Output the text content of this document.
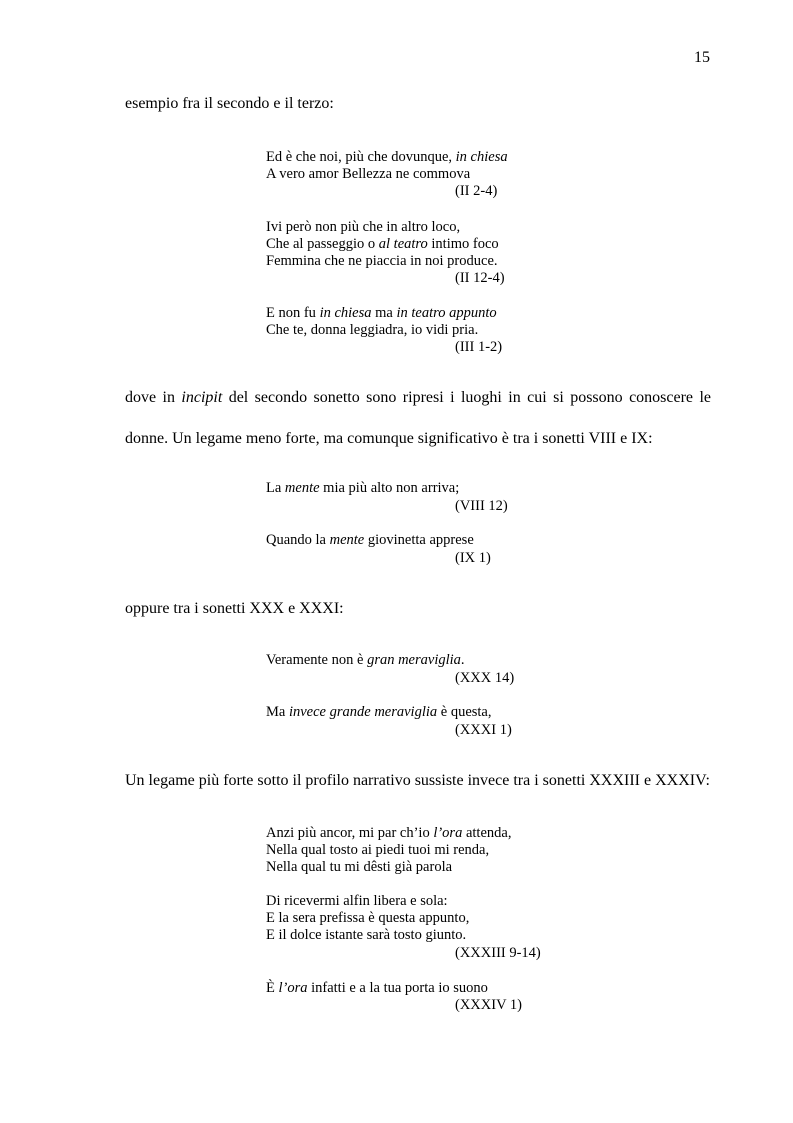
15
esempio fra il secondo e il terzo:
Ed è che noi, più che dovunque, in chiesa
A vero amor Bellezza ne commova
(II 2-4)
Ivi però non più che in altro loco,
Che al passeggio o al teatro intimo foco
Femmina che ne piaccia in noi produce.
(II 12-4)
E non fu in chiesa ma in teatro appunto
Che te, donna leggiadra, io vidi pria.
(III 1-2)
dove in incipit del secondo sonetto sono ripresi i luoghi in cui si possono conoscere le
donne. Un legame meno forte, ma comunque significativo è tra i sonetti VIII e IX:
La mente mia più alto non arriva;
(VIII 12)
Quando la mente giovinetta apprese
(IX 1)
oppure tra i sonetti XXX e XXXI:
Veramente non è gran meraviglia.
(XXX 14)
Ma invece grande meraviglia è questa,
(XXXI 1)
Un legame più forte sotto il profilo narrativo sussiste invece tra i sonetti XXXIII e XXXIV:
Anzi più ancor, mi par ch’io l’ora attenda,
Nella qual tosto ai piedi tuoi mi renda,
Nella qual tu mi dêsti già parola
Di ricevermi alfin libera e sola:
E la sera prefissa è questa appunto,
E il dolce istante sarà tosto giunto.
(XXXIII 9-14)
È l’ora infatti e a la tua porta io suono
(XXXIV 1)
